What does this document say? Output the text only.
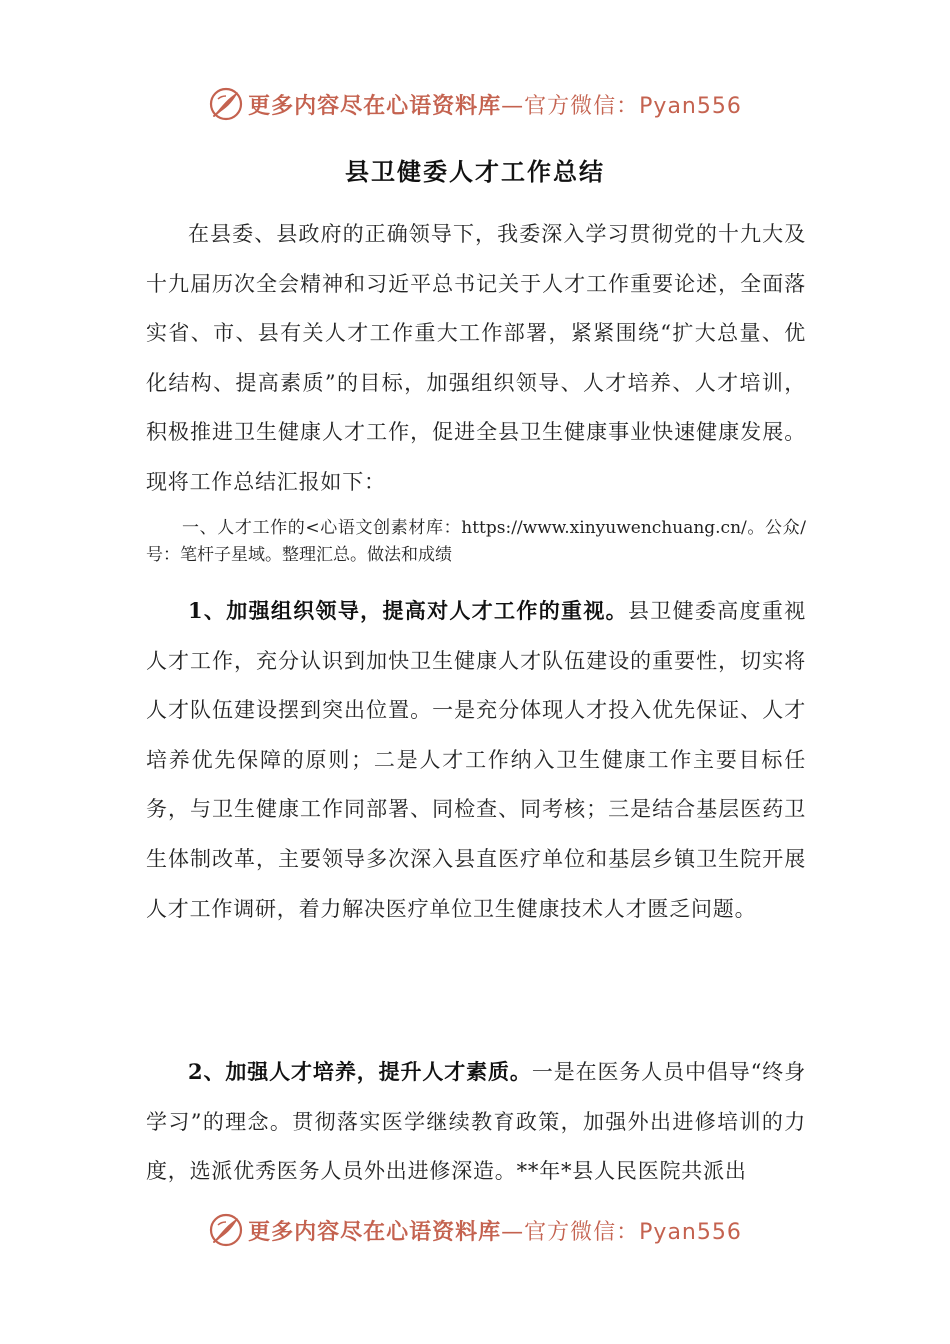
更多内容尽在心语资料库—官方微信：Pyan556
县卫健委人才工作总结

在县委、县政府的正确领导下，我委深入学习贯彻党的十九大及十九届历次全会精神和习近平总书记关于人才工作重要论述，全面落实省、市、县有关人才工作重大工作部署，紧紧围绕“扩大总量、优化结构、提高素质”的目标，加强组织领导、人才培养、人才培训，积极推进卫生健康人才工作，促进全县卫生健康事业快速健康发展。现将工作总结汇报如下：

一、人才工作的<心语文创素材库：https://www.xinyuwenchuang.cn/。公众/号：笔杆子星域。整理汇总。做法和成绩

1、加强组织领导，提高对人才工作的重视。县卫健委高度重视人才工作，充分认识到加快卫生健康人才队伍建设的重要性，切实将人才队伍建设摆到突出位置。一是充分体现人才投入优先保证、人才培养优先保障的原则；二是人才工作纳入卫生健康工作主要目标任务，与卫生健康工作同部署、同检查、同考核；三是结合基层医药卫生体制改革，主要领导多次深入县直医疗单位和基层乡镇卫生院开展人才工作调研，着力解决医疗单位卫生健康技术人才匮乏问题。

2、加强人才培养，提升人才素质。一是在医务人员中倡导“终身学习”的理念。贯彻落实医学继续教育政策，加强外出进修培训的力度，选派优秀医务人员外出进修深造。**年*县人民医院共派出

更多内容尽在心语资料库—官方微信：Pyan556
